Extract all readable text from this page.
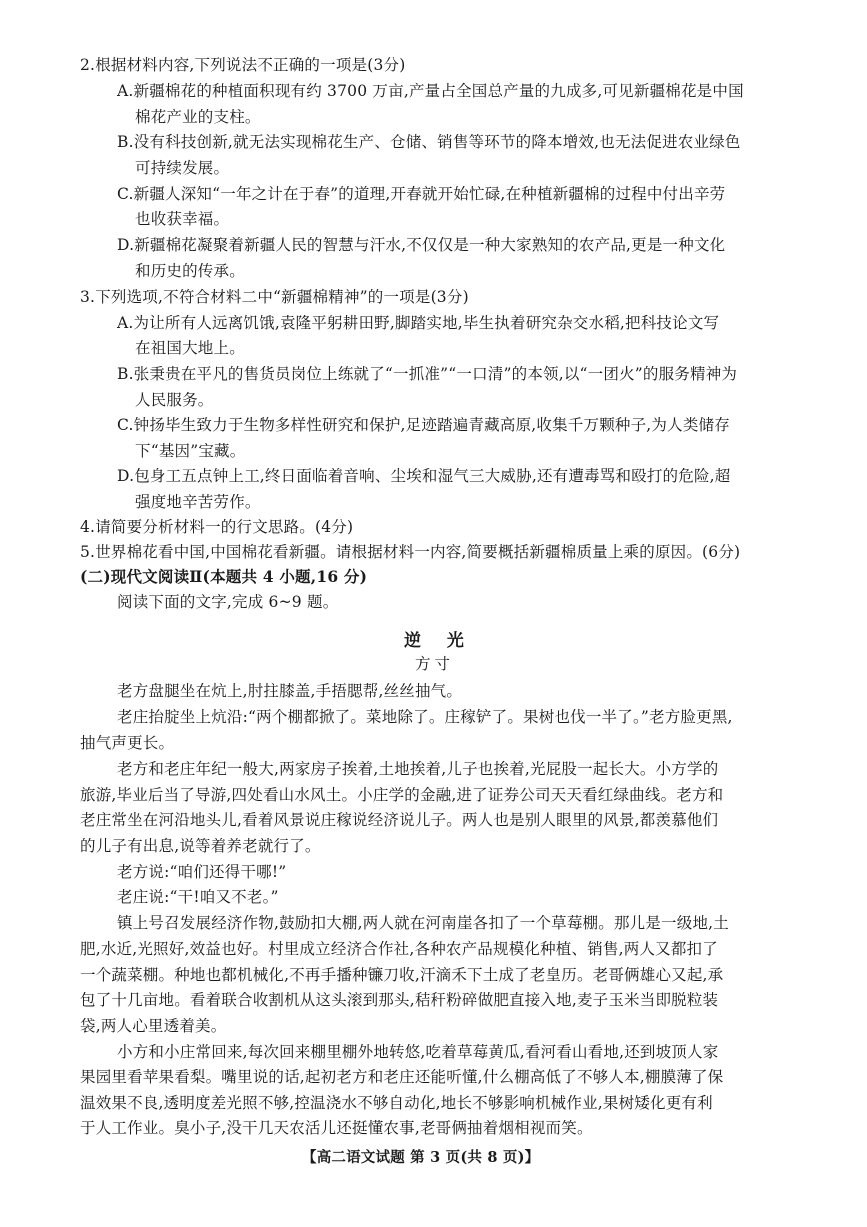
2.根据材料内容,下列说法不正确的一项是(3分)
A.新疆棉花的种植面积现有约 3700 万亩,产量占全国总产量的九成多,可见新疆棉花是中国
棉花产业的支柱。
B.没有科技创新,就无法实现棉花生产、仓储、销售等环节的降本增效,也无法促进农业绿色
可持续发展。
C.新疆人深知“一年之计在于春”的道理,开春就开始忙碌,在种植新疆棉的过程中付出辛劳
也收获幸福。
D.新疆棉花凝聚着新疆人民的智慧与汗水,不仅仅是一种大家熟知的农产品,更是一种文化
和历史的传承。
3.下列选项,不符合材料二中“新疆棉精神”的一项是(3分)
A.为让所有人远离饥饿,袁隆平躬耕田野,脚踏实地,毕生执着研究杂交水稻,把科技论文写
在祖国大地上。
B.张秉贵在平凡的售货员岗位上练就了“一抓准”“一口清”的本领,以“一团火”的服务精神为
人民服务。
C.钟扬毕生致力于生物多样性研究和保护,足迹踏遍青藏高原,收集千万颗种子,为人类储存
下“基因”宝藏。
D.包身工五点钟上工,终日面临着音响、尘埃和湿气三大威胁,还有遭毒骂和殴打的危险,超
强度地辛苦劳作。
4.请简要分析材料一的行文思路。(4分)
5.世界棉花看中国,中国棉花看新疆。请根据材料一内容,简要概括新疆棉质量上乘的原因。(6分)
(二)现代文阅读Ⅱ(本题共 4 小题,16 分)
阅读下面的文字,完成 6~9 题。
逆 光
方寸
老方盘腿坐在炕上,肘拄膝盖,手捂腮帮,丝丝抽气。
老庄抬腚坐上炕沿:“两个棚都掀了。菜地除了。庄稼铲了。果树也伐一半了。”老方脸更黑,
抽气声更长。
老方和老庄年纪一般大,两家房子挨着,土地挨着,儿子也挨着,光屁股一起长大。小方学的
旅游,毕业后当了导游,四处看山水风土。小庄学的金融,进了证券公司天天看红绿曲线。老方和
老庄常坐在河沿地头儿,看着风景说庄稼说经济说儿子。两人也是别人眼里的风景,都羡慕他们
的儿子有出息,说等着养老就行了。
老方说:“咱们还得干哪!”
老庄说:“干!咱又不老。”
镇上号召发展经济作物,鼓励扣大棚,两人就在河南崖各扣了一个草莓棚。那儿是一级地,土
肥,水近,光照好,效益也好。村里成立经济合作社,各种农产品规模化种植、销售,两人又都扣了
一个蔬菜棚。种地也都机械化,不再手播种镰刀收,汗滴禾下土成了老皇历。老哥俩雄心又起,承
包了十几亩地。看着联合收割机从这头滚到那头,秸秆粉碎做肥直接入地,麦子玉米当即脱粒装
袋,两人心里透着美。
小方和小庄常回来,每次回来棚里棚外地转悠,吃着草莓黄瓜,看河看山看地,还到坡顶人家
果园里看苹果看梨。嘴里说的话,起初老方和老庄还能听懂,什么棚高低了不够人本,棚膜薄了保
温效果不良,透明度差光照不够,控温浇水不够自动化,地长不够影响机械作业,果树矮化更有利
于人工作业。臭小子,没干几天农活儿还挺懂农事,老哥俩抽着烟相视而笑。
【高二语文试题 第 3 页(共 8 页)】
